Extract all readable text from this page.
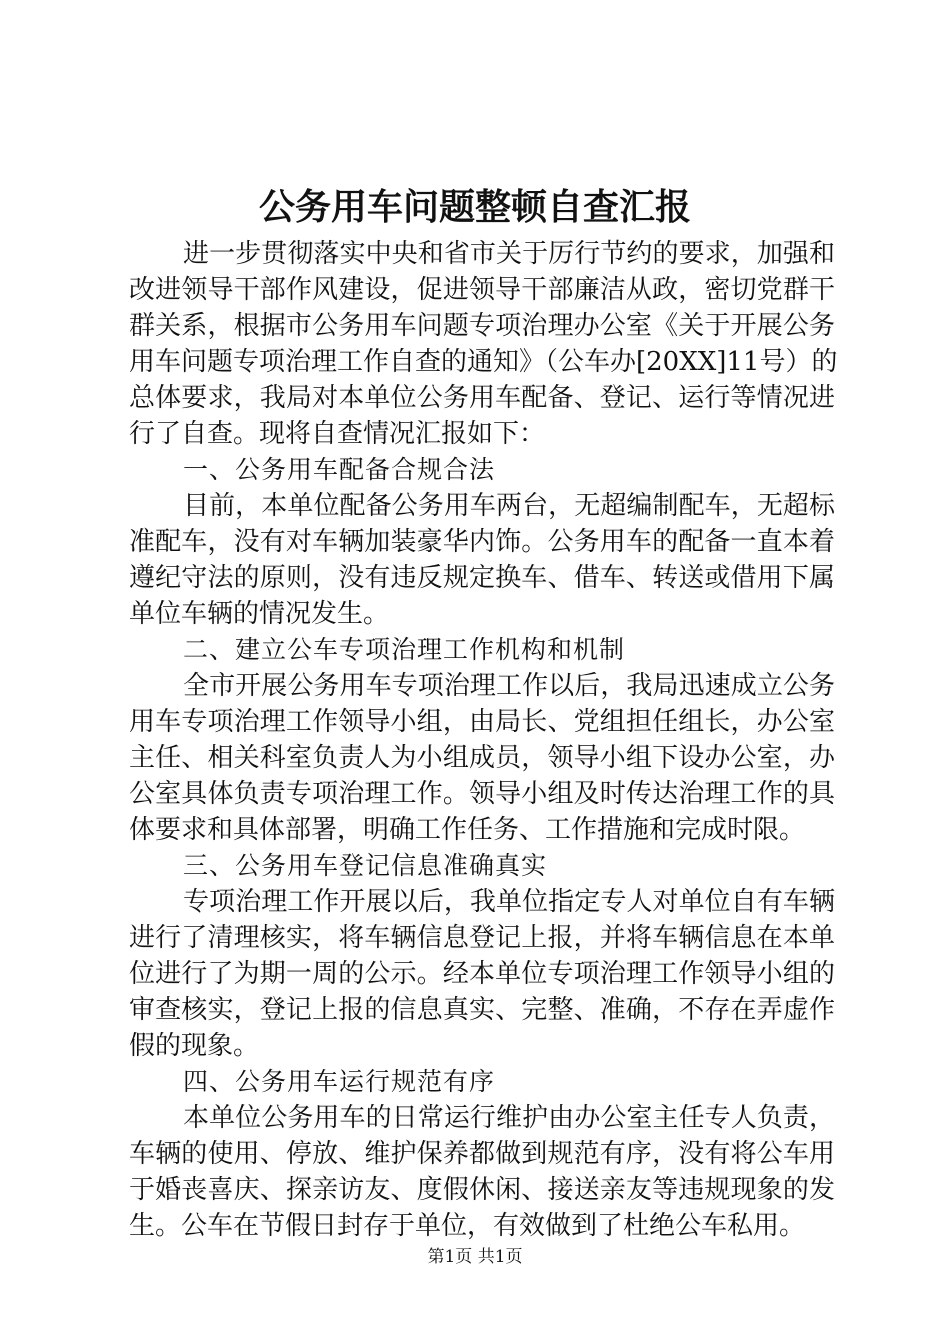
公务用车问题整顿自查汇报
进一步贯彻落实中央和省市关于厉行节约的要求，加强和
改进领导干部作风建设，促进领导干部廉洁从政，密切党群干
群关系，根据市公务用车问题专项治理办公室《关于开展公务
用车问题专项治理工作自查的通知》（公车办[20XX]11号）的
总体要求，我局对本单位公务用车配备、登记、运行等情况进
行了自查。现将自查情况汇报如下：
一、公务用车配备合规合法
目前，本单位配备公务用车两台，无超编制配车，无超标
准配车，没有对车辆加装豪华内饰。公务用车的配备一直本着
遵纪守法的原则，没有违反规定换车、借车、转送或借用下属
单位车辆的情况发生。
二、建立公车专项治理工作机构和机制
全市开展公务用车专项治理工作以后，我局迅速成立公务
用车专项治理工作领导小组，由局长、党组担任组长，办公室
主任、相关科室负责人为小组成员，领导小组下设办公室，办
公室具体负责专项治理工作。领导小组及时传达治理工作的具
体要求和具体部署，明确工作任务、工作措施和完成时限。
三、公务用车登记信息准确真实
专项治理工作开展以后，我单位指定专人对单位自有车辆
进行了清理核实，将车辆信息登记上报，并将车辆信息在本单
位进行了为期一周的公示。经本单位专项治理工作领导小组的
审查核实，登记上报的信息真实、完整、准确，不存在弄虚作
假的现象。
四、公务用车运行规范有序
本单位公务用车的日常运行维护由办公室主任专人负责，
车辆的使用、停放、维护保养都做到规范有序，没有将公车用
于婚丧喜庆、探亲访友、度假休闲、接送亲友等违规现象的发
生。公车在节假日封存于单位，有效做到了杜绝公车私用。
第1页 共1页
